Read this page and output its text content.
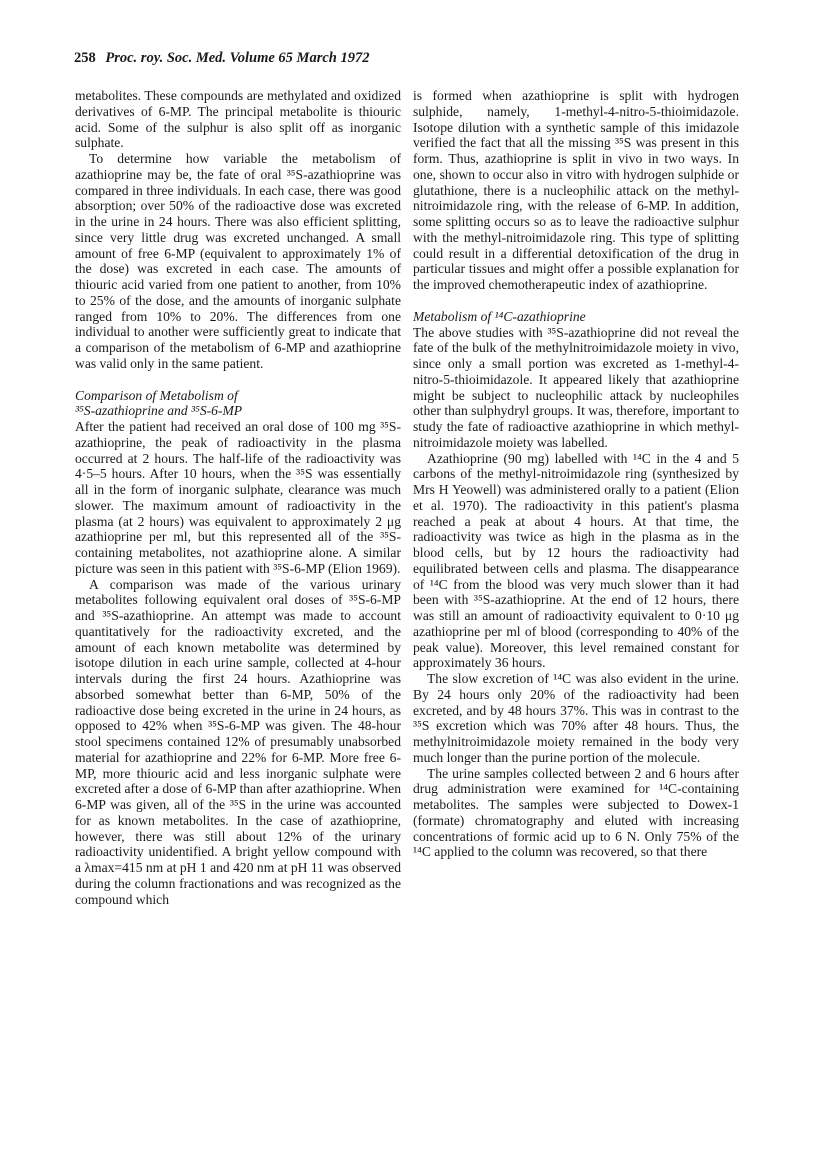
258 Proc. roy. Soc. Med. Volume 65 March 1972

metabolites. These compounds are methylated and oxidized derivatives of 6-MP. The principal metabolite is thiouric acid. Some of the sulphur is also split off as inorganic sulphate.

To determine how variable the metabolism of azathioprine may be, the fate of oral ³⁵S-azathioprine was compared in three individuals. In each case, there was good absorption; over 50% of the radioactive dose was excreted in the urine in 24 hours. There was also efficient splitting, since very little drug was excreted unchanged. A small amount of free 6-MP (equivalent to approximately 1% of the dose) was excreted in each case. The amounts of thiouric acid varied from one patient to another, from 10% to 25% of the dose, and the amounts of inorganic sulphate ranged from 10% to 20%. The differences from one individual to another were sufficiently great to indicate that a comparison of the metabolism of 6-MP and azathioprine was valid only in the same patient.

Comparison of Metabolism of
³⁵S-azathioprine and ³⁵S-6-MP

After the patient had received an oral dose of 100 mg ³⁵S-azathioprine, the peak of radioactivity in the plasma occurred at 2 hours. The half-life of the radioactivity was 4·5–5 hours. After 10 hours, when the ³⁵S was essentially all in the form of inorganic sulphate, clearance was much slower. The maximum amount of radioactivity in the plasma (at 2 hours) was equivalent to approximately 2 μg azathioprine per ml, but this represented all of the ³⁵S-containing metabolites, not azathioprine alone. A similar picture was seen in this patient with ³⁵S-6-MP (Elion 1969).

A comparison was made of the various urinary metabolites following equivalent oral doses of ³⁵S-6-MP and ³⁵S-azathioprine. An attempt was made to account quantitatively for the radioactivity excreted, and the amount of each known metabolite was determined by isotope dilution in each urine sample, collected at 4-hour intervals during the first 24 hours. Azathioprine was absorbed somewhat better than 6-MP, 50% of the radioactive dose being excreted in the urine in 24 hours, as opposed to 42% when ³⁵S-6-MP was given. The 48-hour stool specimens contained 12% of presumably unabsorbed material for azathioprine and 22% for 6-MP. More free 6-MP, more thiouric acid and less inorganic sulphate were excreted after a dose of 6-MP than after azathioprine. When 6-MP was given, all of the ³⁵S in the urine was accounted for as known metabolites. In the case of azathioprine, however, there was still about 12% of the urinary radioactivity unidentified. A bright yellow compound with a λmax=415 nm at pH 1 and 420 nm at pH 11 was observed during the column fractionations and was recognized as the compound which

is formed when azathioprine is split with hydrogen sulphide, namely, 1-methyl-4-nitro-5-thioimidazole. Isotope dilution with a synthetic sample of this imidazole verified the fact that all the missing ³⁵S was present in this form. Thus, azathioprine is split in vivo in two ways. In one, shown to occur also in vitro with hydrogen sulphide or glutathione, there is a nucleophilic attack on the methyl-nitroimidazole ring, with the release of 6-MP. In addition, some splitting occurs so as to leave the radioactive sulphur with the methyl-nitroimidazole ring. This type of splitting could result in a differential detoxification of the drug in particular tissues and might offer a possible explanation for the improved chemotherapeutic index of azathioprine.

Metabolism of ¹⁴C-azathioprine

The above studies with ³⁵S-azathioprine did not reveal the fate of the bulk of the methylnitroimidazole moiety in vivo, since only a small portion was excreted as 1-methyl-4-nitro-5-thioimidazole. It appeared likely that azathioprine might be subject to nucleophilic attack by nucleophiles other than sulphydryl groups. It was, therefore, important to study the fate of radioactive azathioprine in which methyl-nitroimidazole moiety was labelled.

Azathioprine (90 mg) labelled with ¹⁴C in the 4 and 5 carbons of the methyl-nitroimidazole ring (synthesized by Mrs H Yeowell) was administered orally to a patient (Elion et al. 1970). The radioactivity in this patient's plasma reached a peak at about 4 hours. At that time, the radioactivity was twice as high in the plasma as in the blood cells, but by 12 hours the radioactivity had equilibrated between cells and plasma. The disappearance of ¹⁴C from the blood was very much slower than it had been with ³⁵S-azathioprine. At the end of 12 hours, there was still an amount of radioactivity equivalent to 0·10 μg azathioprine per ml of blood (corresponding to 40% of the peak value). Moreover, this level remained constant for approximately 36 hours.

The slow excretion of ¹⁴C was also evident in the urine. By 24 hours only 20% of the radioactivity had been excreted, and by 48 hours 37%. This was in contrast to the ³⁵S excretion which was 70% after 48 hours. Thus, the methylnitroimidazole moiety remained in the body very much longer than the purine portion of the molecule.

The urine samples collected between 2 and 6 hours after drug administration were examined for ¹⁴C-containing metabolites. The samples were subjected to Dowex-1 (formate) chromatography and eluted with increasing concentrations of formic acid up to 6 N. Only 75% of the ¹⁴C applied to the column was recovered, so that there
